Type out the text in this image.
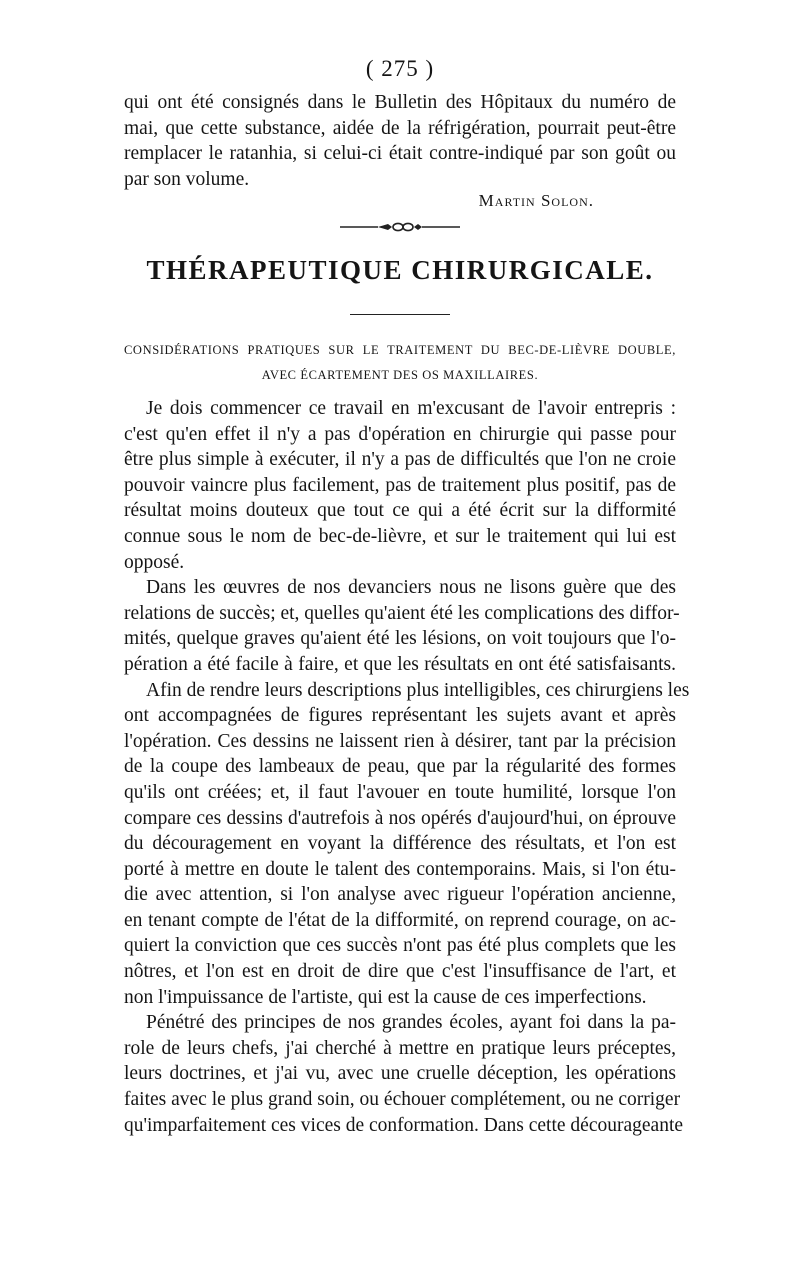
( 275 )
qui ont été consignés dans le Bulletin des Hôpitaux du numéro de
mai, que cette substance, aidée de la réfrigération, pourrait peut-être
remplacer le ratanhia, si celui-ci était contre-indiqué par son goût ou
par son volume.
Martin Solon.
THÉRAPEUTIQUE CHIRURGICALE.
CONSIDÉRATIONS PRATIQUES SUR LE TRAITEMENT DU BEC-DE-LIÈVRE DOUBLE,
AVEC ÉCARTEMENT DES OS MAXILLAIRES.
Je dois commencer ce travail en m'excusant de l'avoir entrepris :
c'est qu'en effet il n'y a pas d'opération en chirurgie qui passe pour
être plus simple à exécuter, il n'y a pas de difficultés que l'on ne croie
pouvoir vaincre plus facilement, pas de traitement plus positif, pas de
résultat moins douteux que tout ce qui a été écrit sur la difformité
connue sous le nom de bec-de-lièvre, et sur le traitement qui lui est
opposé.
Dans les œuvres de nos devanciers nous ne lisons guère que des
relations de succès; et, quelles qu'aient été les complications des diffor-
mités, quelque graves qu'aient été les lésions, on voit toujours que l'o-
pération a été facile à faire, et que les résultats en ont été satisfaisants.
Afin de rendre leurs descriptions plus intelligibles, ces chirurgiens les
ont accompagnées de figures représentant les sujets avant et après
l'opération. Ces dessins ne laissent rien à désirer, tant par la précision
de la coupe des lambeaux de peau, que par la régularité des formes
qu'ils ont créées; et, il faut l'avouer en toute humilité, lorsque l'on
compare ces dessins d'autrefois à nos opérés d'aujourd'hui, on éprouve
du découragement en voyant la différence des résultats, et l'on est
porté à mettre en doute le talent des contemporains. Mais, si l'on étu-
die avec attention, si l'on analyse avec rigueur l'opération ancienne,
en tenant compte de l'état de la difformité, on reprend courage, on ac-
quiert la conviction que ces succès n'ont pas été plus complets que les
nôtres, et l'on est en droit de dire que c'est l'insuffisance de l'art, et
non l'impuissance de l'artiste, qui est la cause de ces imperfections.
Pénétré des principes de nos grandes écoles, ayant foi dans la pa-
role de leurs chefs, j'ai cherché à mettre en pratique leurs préceptes,
leurs doctrines, et j'ai vu, avec une cruelle déception, les opérations
faites avec le plus grand soin, ou échouer complétement, ou ne corriger
qu'imparfaitement ces vices de conformation. Dans cette décourageante
